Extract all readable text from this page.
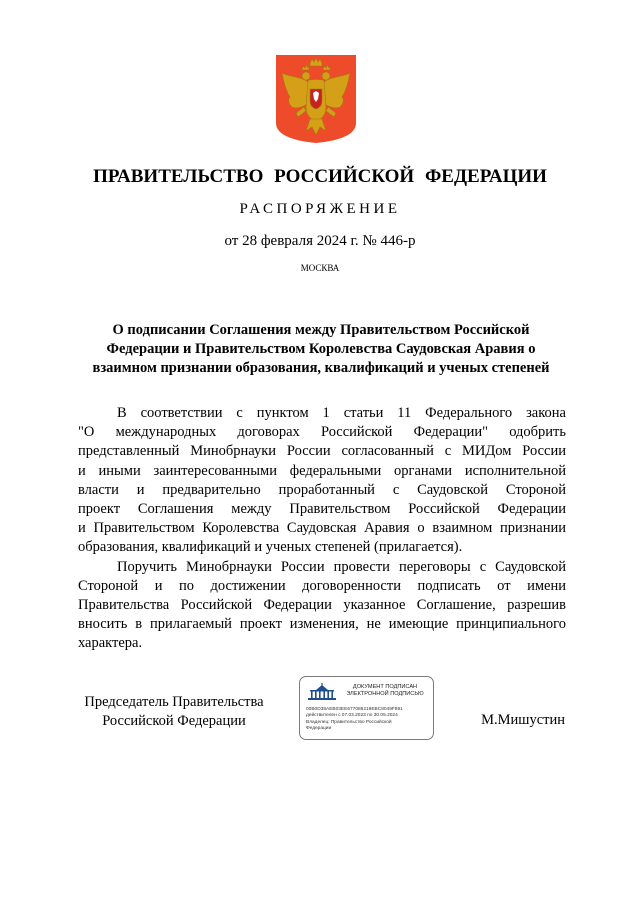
ПРАВИТЕЛЬСТВО РОССИЙСКОЙ ФЕДЕРАЦИИ
РАСПОРЯЖЕНИЕ
от 28 февраля 2024 г. № 446-р
МОСКВА
О подписании Соглашения между Правительством Российской
Федерации и Правительством Королевства Саудовская Аравия о
взаимном признании образования, квалификаций и ученых степеней
В соответствии с пунктом 1 статьи 11 Федерального закона
"О международных договорах Российской Федерации" одобрить
представленный Минобрнауки России согласованный с МИДом России
и иными заинтересованными федеральными органами исполнительной
власти и предварительно проработанный с Саудовской Стороной
проект Соглашения между Правительством Российской Федерации
и Правительством Королевства Саудовская Аравия о взаимном признании
образования, квалификаций и ученых степеней (прилагается).
Поручить Минобрнауки России провести переговоры с Саудовской
Стороной и по достижении договоренности подписать от имени
Правительства Российской Федерации указанное Соглашение, разрешив
вносить в прилагаемый проект изменения, не имеющие принципиального
характера.
Председатель Правительства
Российской Федерации
ДОКУМЕНТ ПОДПИСАН
ЭЛЕКТРОННОЙ ПОДПИСЬЮ
00B0D38AEB03EE677086219EBC8049F891
действителен с 07.03.2023 по 30.05.2024
Владелец: Правительство Российской
Федерации
М.Мишустин
